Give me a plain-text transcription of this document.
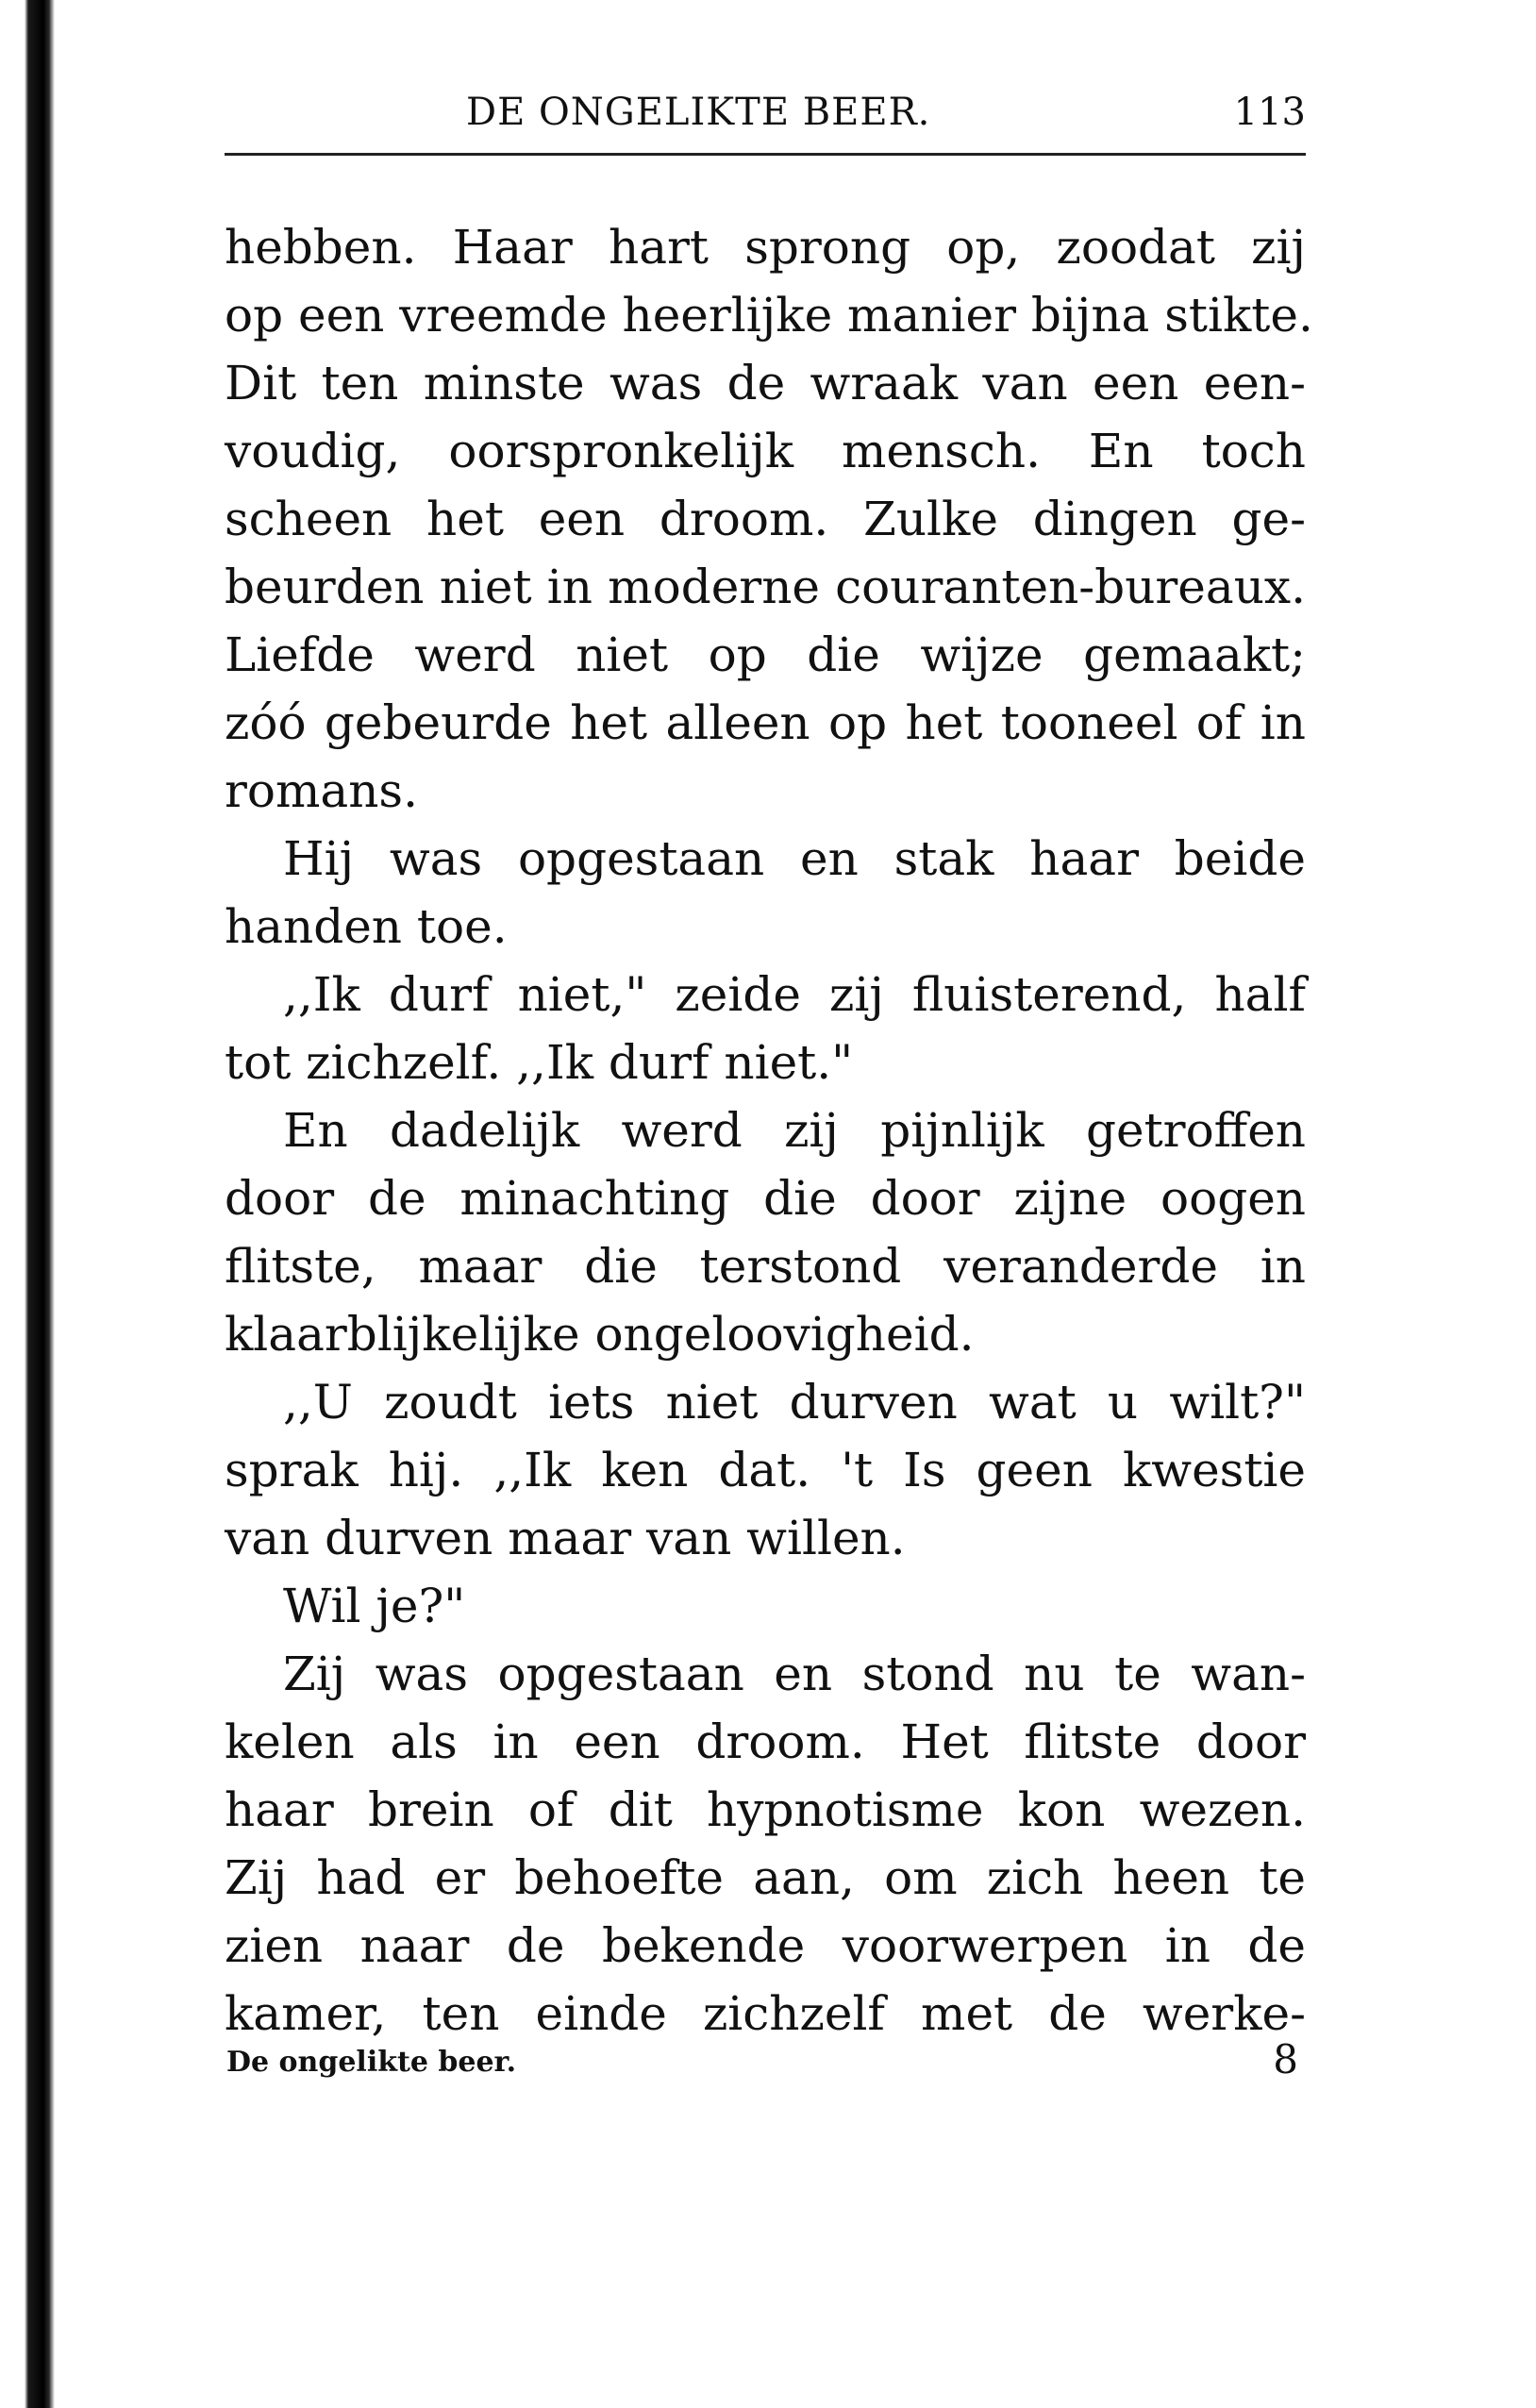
DE ONGELIKTE BEER.	113
hebben. Haar hart sprong op, zoodat zij
op een vreemde heerlijke manier bijna stikte.
Dit ten minste was de wraak van een een-
voudig, oorspronkelijk mensch. En toch
scheen het een droom. Zulke dingen ge-
beurden niet in moderne couranten-bureaux.
Liefde werd niet op die wijze gemaakt;
zóó gebeurde het alleen op het tooneel of in
romans.
Hij was opgestaan en stak haar beide
handen toe.
,,Ik durf niet," zeide zij fluisterend, half
tot zichzelf. ,,Ik durf niet."
En dadelijk werd zij pijnlijk getroffen
door de minachting die door zijne oogen
flitste, maar die terstond veranderde in
klaarblijkelijke ongeloovigheid.
,,U zoudt iets niet durven wat u wilt?"
sprak hij. ,,Ik ken dat. 't Is geen kwestie
van durven maar van willen.
Wil je?"
Zij was opgestaan en stond nu te wan-
kelen als in een droom. Het flitste door
haar brein of dit hypnotisme kon wezen.
Zij had er behoefte aan, om zich heen te
zien naar de bekende voorwerpen in de
kamer, ten einde zichzelf met de werke-
De ongelikte beer.	8
